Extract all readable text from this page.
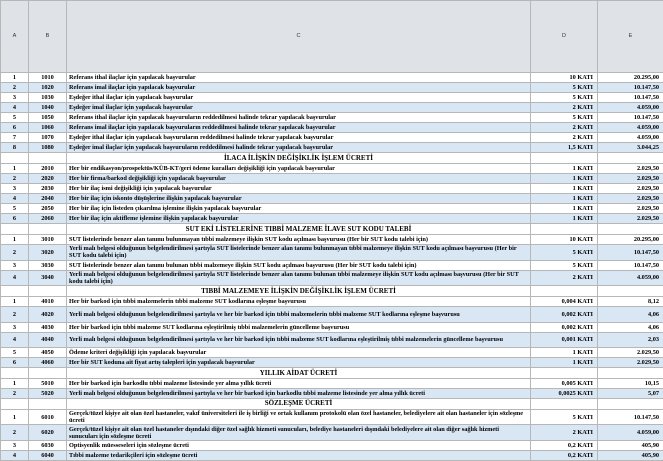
A	B	C	D	E
1	1010	Referans ithal ilaçlar için yapılacak başvurular	10 KATI	20.295,00
2	1020	Referans imal ilaçlar için yapılacak başvurular	5 KATI	10.147,50
3	1030	Eşdeğer ithal ilaçlar için yapılacak başvurular	5 KATI	10.147,50
4	1040	Eşdeğer imal ilaçlar için yapılacak başvurular	2 KATI	4.059,00
5	1050	Referans ithal ilaçlar için yapılacak başvuruların reddedilmesi halinde tekrar yapılacak başvurular	5 KATI	10.147,50
6	1060	Referans imal ilaçlar için yapılacak başvuruların reddedilmesi halinde tekrar yapılacak başvurular	2 KATI	4.059,00
7	1070	Eşdeğer ithal ilaçlar için yapılacak başvuruların reddedilmesi halinde tekrar yapılacak başvurular	2 KATI	4.059,00
8	1080	Eşdeğer imal ilaçlar için yapılacak başvuruların reddedilmesi halinde tekrar yapılacak başvurular	1,5 KATI	3.044,25
		İLACA İLİŞKİN DEĞİŞİKLİK İŞLEM ÜCRETİ		
1	2010	Her bir endikasyon/prospektüs/KÜB-KT/geri ödeme kuralları değişikliği için yapılacak başvurular	1 KATI	2.029,50
2	2020	Her bir firma/barkod değişikliği için yapılacak başvurular	1 KATI	2.029,50
3	2030	Her bir ilaç ismi değişikliği için yapılacak başvurular	1 KATI	2.029,50
4	2040	Her bir ilaç için iskonto düşüşlerine ilişkin yapılacak başvurular	1 KATI	2.029,50
5	2050	Her bir ilaç için listeden çıkarılma işlemine ilişkin yapılacak başvurular	1 KATI	2.029,50
6	2060	Her bir ilaç için aktifleme işlemine ilişkin yapılacak başvurular	1 KATI	2.029,50
		SUT EKİ LİSTELERİNE TIBBİ MALZEME İLAVE SUT KODU TALEBİ		
1	3010	SUT listelerinde benzer alan tanımı bulunmayan tıbbi malzemeye ilişkin SUT kodu açılması başvurusu (Her bir SUT kodu talebi için)	10 KATI	20.295,00
2	3020	Yerli malı belgesi olduğunun belgelendirilmesi şartıyla SUT listelerinde benzer alan tanımı bulunmayan tıbbi malzemeye ilişkin SUT kodu açılması başvurusu (Her bir SUT kodu talebi için)	5 KATI	10.147,50
3	3030	SUT listelerinde benzer alan tanımı bulunan tıbbi malzemeye ilişkin SUT kodu açılması başvurusu (Her bir SUT kodu talebi için)	5 KATI	10.147,50
4	3040	Yerli malı belgesi olduğunun belgelendirilmesi şartıyla SUT listelerinde benzer alan tanımı bulunan tıbbi malzemeye ilişkin SUT kodu açılması başvurusu (Her bir SUT kodu talebi için)	2 KATI	4.059,00
		TIBBİ MALZEMEYE İLİŞKİN DEĞİŞİKLİK İŞLEM ÜCRETİ		
1	4010	Her bir barkod için tıbbi malzemelerin tıbbi malzeme SUT kodlarına eşleşme başvurusu	0,004 KATI	8,12
2	4020	Yerli malı belgesi olduğunun belgelendirilmesi şartıyla ve her bir barkod için tıbbi malzemelerin tıbbi malzeme SUT kodlarına eşleşme başvurusu	0,002 KATI	4,06
3	4030	Her bir barkod için tıbbi malzeme SUT kodlarına eşleştirilmiş tıbbi malzemelerin güncelleme başvurusu	0,002 KATI	4,06
4	4040	Yerli malı belgesi olduğunun belgelendirilmesi şartıyla ve her bir barkod için tıbbi malzeme SUT kodlarına eşleştirilmiş tıbbi malzemelerin güncelleme başvurusu	0,001 KATI	2,03
5	4050	Ödeme kriteri değişikliği için yapılacak başvurular	1 KATI	2.029,50
6	4060	Her bir SUT koduna ait fiyat artış talepleri için yapılacak başvurular	1 KATI	2.029,50
		YILLIK AİDAT ÜCRETİ		
1	5010	Her bir barkod için barkodlu tıbbi malzeme listesinde yer alma yıllık ücreti	0,005 KATI	10,15
2	5020	Yerli malı belgesi olduğunun belgelendirilmesi şartıyla ve her bir barkod için barkodlu tıbbi malzeme listesinde yer alma yıllık ücreti	0,0025 KATI	5,07
		SÖZLEŞME ÜCRETİ		
1	6010	Gerçek/tüzel kişiye ait olan özel hastaneler, vakıf üniversiteleri ile iş birliği ve ortak kullanım protokolü olan özel hastaneler, belediyelere ait olan hastaneler için sözleşme ücreti	5 KATI	10.147,50
2	6020	Gerçek/tüzel kişiye ait olan özel hastaneler dışındaki diğer özel sağlık hizmeti sunucuları, belediye hastaneleri dışındaki belediyelere ait olan diğer sağlık hizmeti sunucuları için sözleşme ücreti	2 KATI	4.059,00
3	6030	Optisyenlik müesseseleri için sözleşme ücreti	0,2 KATI	405,90
4	6040	Tıbbi malzeme tedarikçileri için sözleşme ücreti	0,2 KATI	405,90
